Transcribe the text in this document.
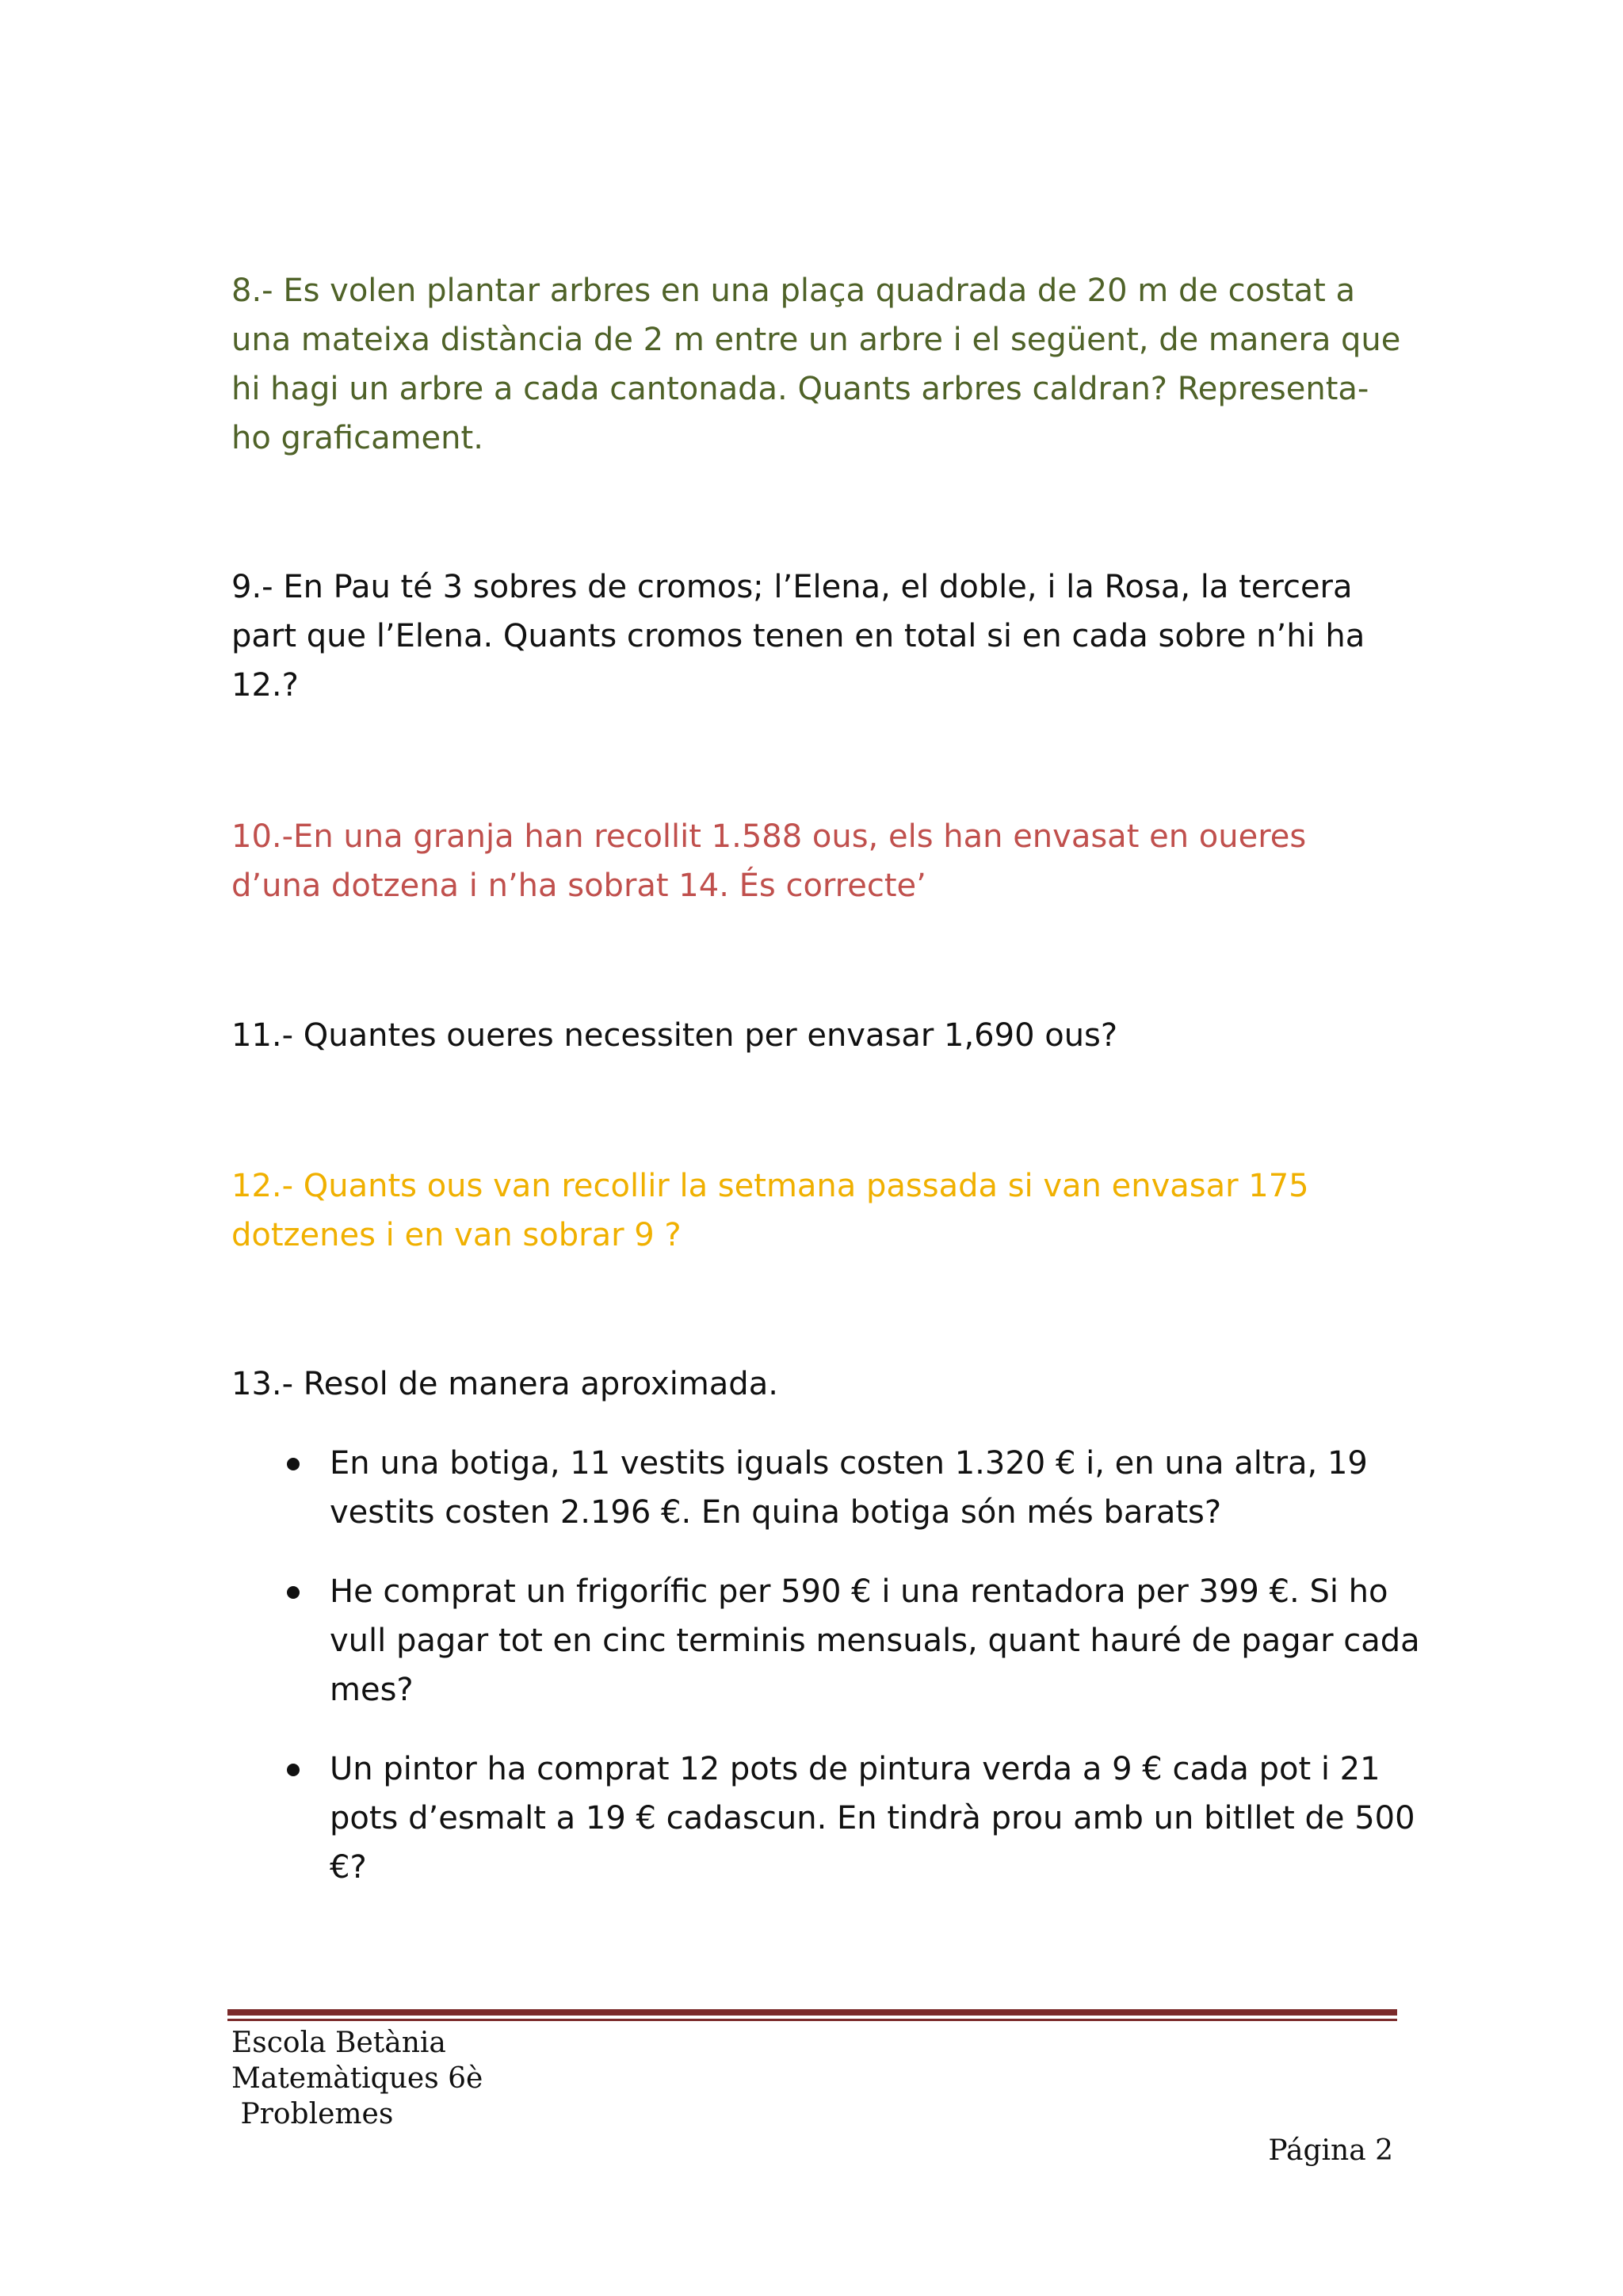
8.- Es volen plantar arbres en una plaça quadrada de 20 m de costat a una mateixa distància de 2 m entre un arbre i el següent, de manera que hi hagi un arbre a cada cantonada. Quants arbres caldran? Representa-ho graficament.

9.- En Pau té 3 sobres de cromos; l’Elena, el doble, i la Rosa, la tercera part que l’Elena. Quants cromos tenen en total si en cada sobre n’hi ha 12.?

10.-En una granja han recollit 1.588 ous, els han envasat en oueres d’una dotzena i n’ha sobrat 14. És correcte’

11.- Quantes oueres necessiten per envasar 1,690 ous?

12.- Quants ous van recollir la setmana passada si van envasar 175 dotzenes i en van sobrar 9 ?

13.- Resol de manera aproximada.

En una botiga, 11 vestits iguals costen 1.320 € i, en una altra, 19 vestits costen 2.196 €. En quina botiga són més barats?
He comprat un frigorífic per 590 € i una rentadora per 399 €. Si ho vull pagar tot en cinc terminis mensuals, quant hauré de pagar cada mes?
Un pintor ha comprat 12 pots de pintura verda a 9 € cada pot i 21 pots d’esmalt a 19 € cadascun. En tindrà prou amb un bitllet de 500 €?
Escola Betània
Matemàtiques 6è
Problemes
Página 2
